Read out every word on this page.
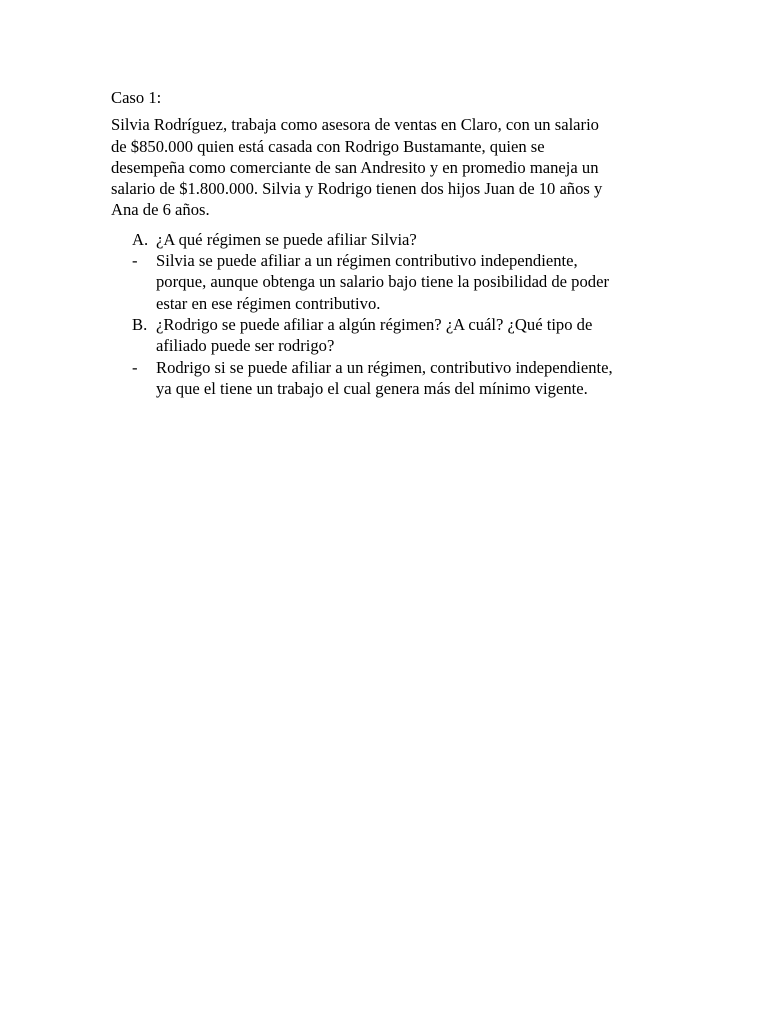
Caso 1:

Silvia Rodríguez, trabaja como asesora de ventas en Claro, con un salario
de $850.000 quien está casada con Rodrigo Bustamante, quien se
desempeña como comerciante de san Andresito y en promedio maneja un
salario de $1.800.000. Silvia y Rodrigo tienen dos hijos Juan de 10 años y
Ana de 6 años.

A. ¿A qué régimen se puede afiliar Silvia?
- Silvia se puede afiliar a un régimen contributivo independiente,
porque, aunque obtenga un salario bajo tiene la posibilidad de poder
estar en ese régimen contributivo.
B. ¿Rodrigo se puede afiliar a algún régimen? ¿A cuál? ¿Qué tipo de
afiliado puede ser rodrigo?
- Rodrigo si se puede afiliar a un régimen, contributivo independiente,
ya que el tiene un trabajo el cual genera más del mínimo vigente.
